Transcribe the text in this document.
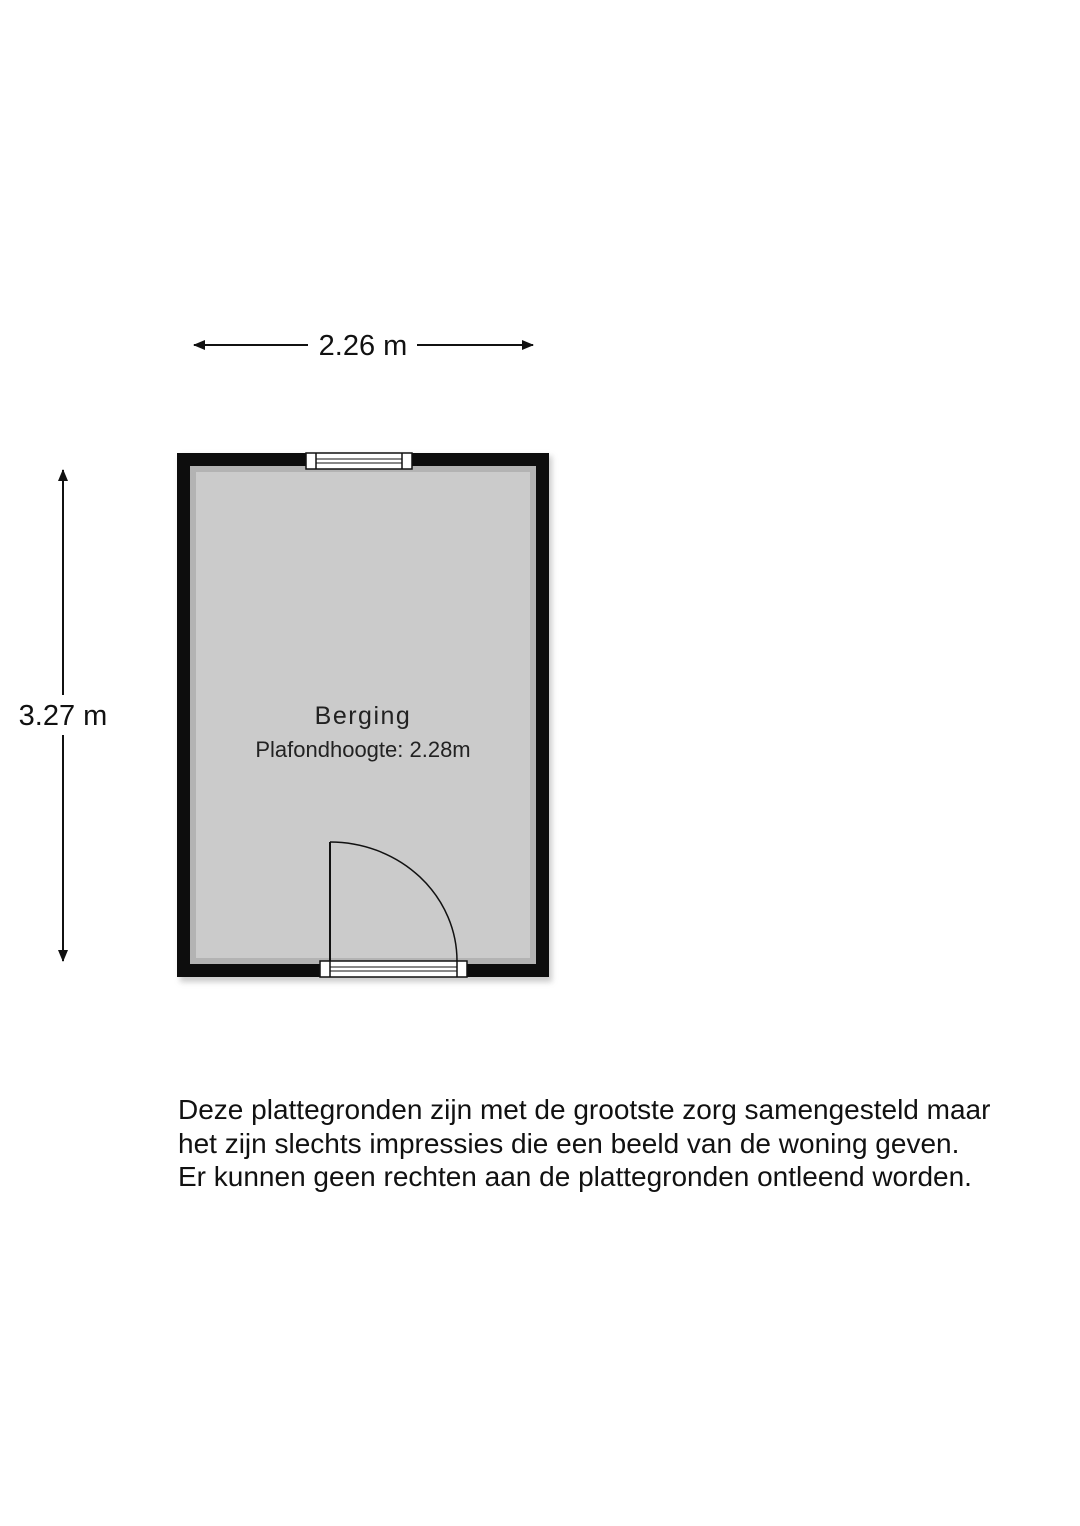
2.26 m
3.27 m	Berging
Plafondhoogte: 2.28m

Deze plattegronden zijn met de grootste zorg samengesteld maar
het zijn slechts impressies die een beeld van de woning geven.
Er kunnen geen rechten aan de plattegronden ontleend worden.
